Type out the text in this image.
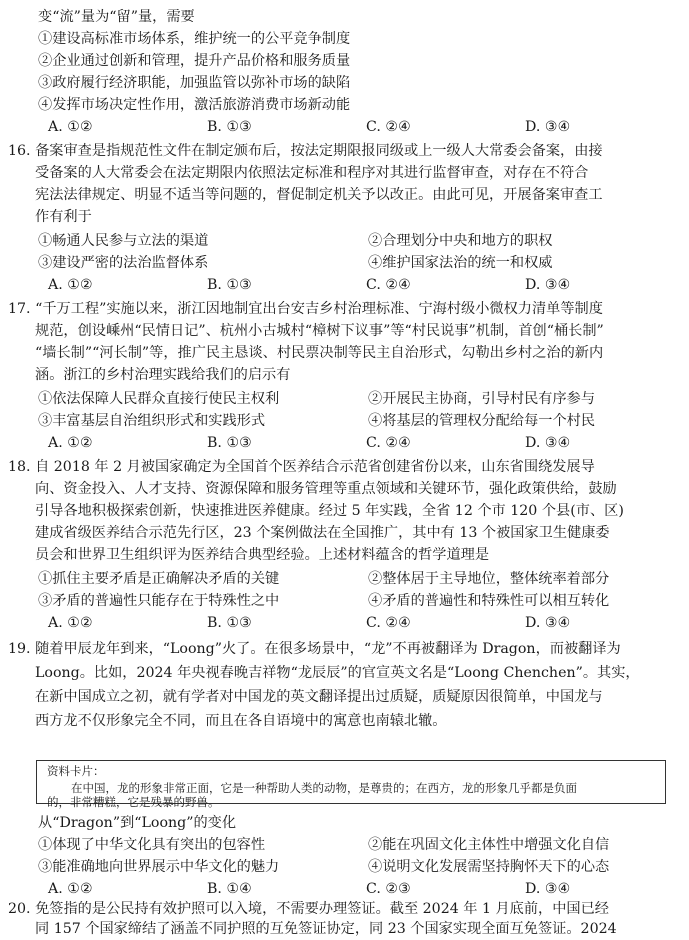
变“流”量为“留”量，需要
①建设高标准市场体系，维护统一的公平竞争制度
②企业通过创新和管理，提升产品价格和服务质量
③政府履行经济职能，加强监管以弥补市场的缺陷
④发挥市场决定性作用，激活旅游消费市场新动能
A. ①②	B. ①③	C. ②④	D. ③④
16. 备案审查是指规范性文件在制定颁布后，按法定期限报同级或上一级人大常委会备案，由接
受备案的人大常委会在法定期限内依照法定标准和程序对其进行监督审查，对存在不符合
宪法法律规定、明显不适当等问题的，督促制定机关予以改正。由此可见，开展备案审查工
作有利于
①畅通人民参与立法的渠道	②合理划分中央和地方的职权
③建设严密的法治监督体系	④维护国家法治的统一和权威
A. ①②	B. ①③	C. ②④	D. ③④
17. “千万工程”实施以来，浙江因地制宜出台安吉乡村治理标准、宁海村级小微权力清单等制度
规范，创设嵊州“民情日记”、杭州小古城村“樟树下议事”等“村民说事”机制，首创“桶长制”
“墙长制”“河长制”等，推广民主恳谈、村民票决制等民主自治形式，勾勒出乡村之治的新内
涵。浙江的乡村治理实践给我们的启示有
①依法保障人民群众直接行使民主权利	②开展民主协商，引导村民有序参与
③丰富基层自治组织形式和实践形式	④将基层的管理权分配给每一个村民
A. ①②	B. ①③	C. ②④	D. ③④
18. 自 2018 年 2 月被国家确定为全国首个医养结合示范省创建省份以来，山东省围绕发展导
向、资金投入、人才支持、资源保障和服务管理等重点领域和关键环节，强化政策供给，鼓励
引导各地积极探索创新，快速推进医养健康。经过 5 年实践，全省 12 个市 120 个县(市、区)
建成省级医养结合示范先行区，23 个案例做法在全国推广，其中有 13 个被国家卫生健康委
员会和世界卫生组织评为医养结合典型经验。上述材料蕴含的哲学道理是
①抓住主要矛盾是正确解决矛盾的关键	②整体居于主导地位，整体统率着部分
③矛盾的普遍性只能存在于特殊性之中	④矛盾的普遍性和特殊性可以相互转化
A. ①②	B. ①③	C. ②④	D. ③④
19. 随着甲辰龙年到来，“Loong”火了。在很多场景中，“龙”不再被翻译为 Dragon，而被翻译为
Loong。比如，2024 年央视春晚吉祥物“龙辰辰”的官宣英文名是“Loong Chenchen”。其实，
在新中国成立之初，就有学者对中国龙的英文翻译提出过质疑，质疑原因很简单，中国龙与
西方龙不仅形象完全不同，而且在各自语境中的寓意也南辕北辙。
资料卡片：
在中国，龙的形象非常正面，它是一种帮助人类的动物，是尊贵的；在西方，龙的形象几乎都是负面
的，非常糟糕，它是残暴的野兽。
从“Dragon”到“Loong”的变化
①体现了中华文化具有突出的包容性	②能在巩固文化主体性中增强文化自信
③能准确地向世界展示中华文化的魅力	④说明文化发展需坚持胸怀天下的心态
A. ①②	B. ①④	C. ②③	D. ③④
20. 免签指的是公民持有效护照可以入境，不需要办理签证。截至 2024 年 1 月底前，中国已经
同 157 个国家缔结了涵盖不同护照的互免签证协定，同 23 个国家实现全面互免签证。2024
